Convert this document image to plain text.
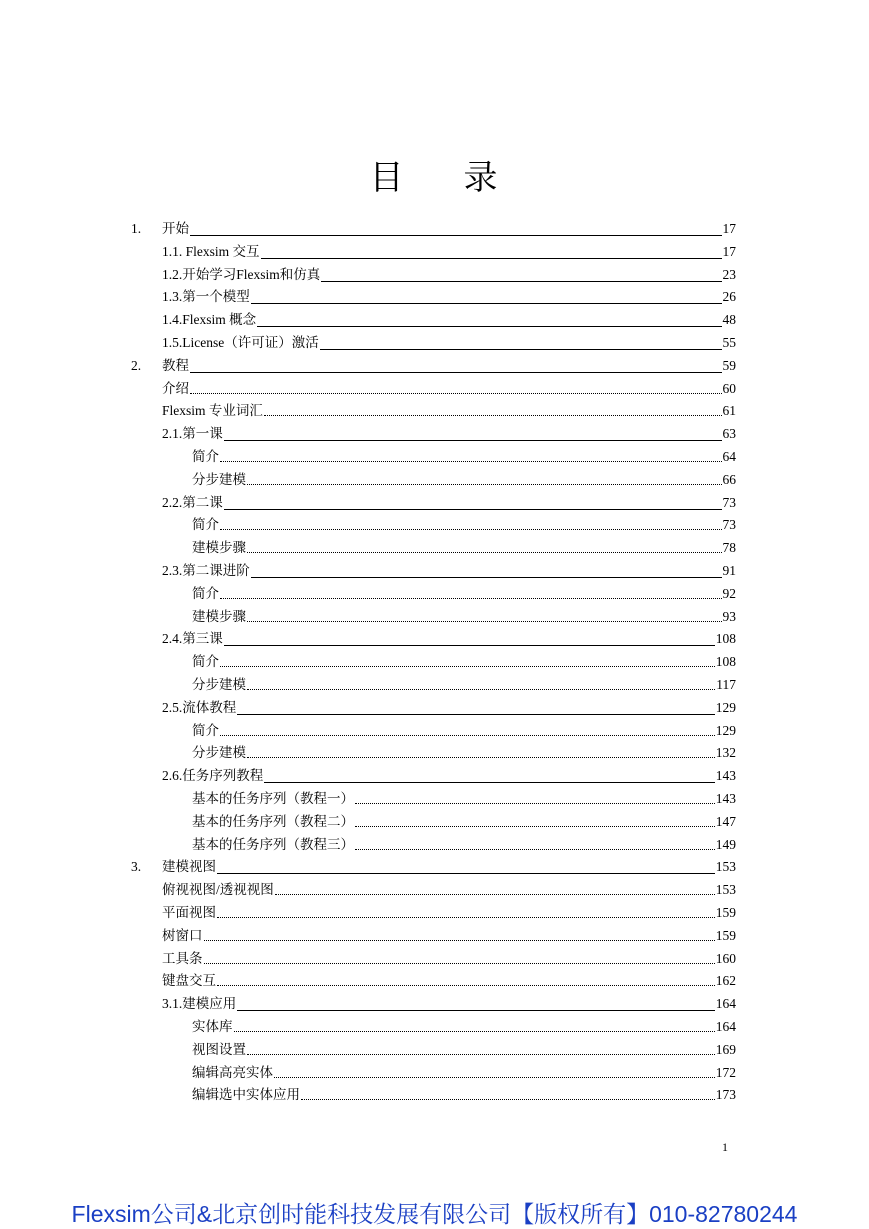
目 录
1. 开始	17
1.1. Flexsim 交互	17
1.2.开始学习Flexsim和仿真	23
1.3.第一个模型	26
1.4.Flexsim 概念	48
1.5.License（许可证）激活	55
2. 教程	59
介绍	60
Flexsim 专业词汇	61
2.1.第一课	63
简介	64
分步建模	66
2.2.第二课	73
简介	73
建模步骤	78
2.3.第二课进阶	91
简介	92
建模步骤	93
2.4.第三课	108
简介	108
分步建模	117
2.5.流体教程	129
简介	129
分步建模	132
2.6.任务序列教程	143
基本的任务序列（教程一）	143
基本的任务序列（教程二）	147
基本的任务序列（教程三）	149
3. 建模视图	153
俯视视图/透视视图	153
平面视图	159
树窗口	159
工具条	160
键盘交互	162
3.1.建模应用	164
实体库	164
视图设置	169
编辑高亮实体	172
编辑选中实体应用	173
1
Flexsim公司&北京创时能科技发展有限公司【版权所有】010-82780244
